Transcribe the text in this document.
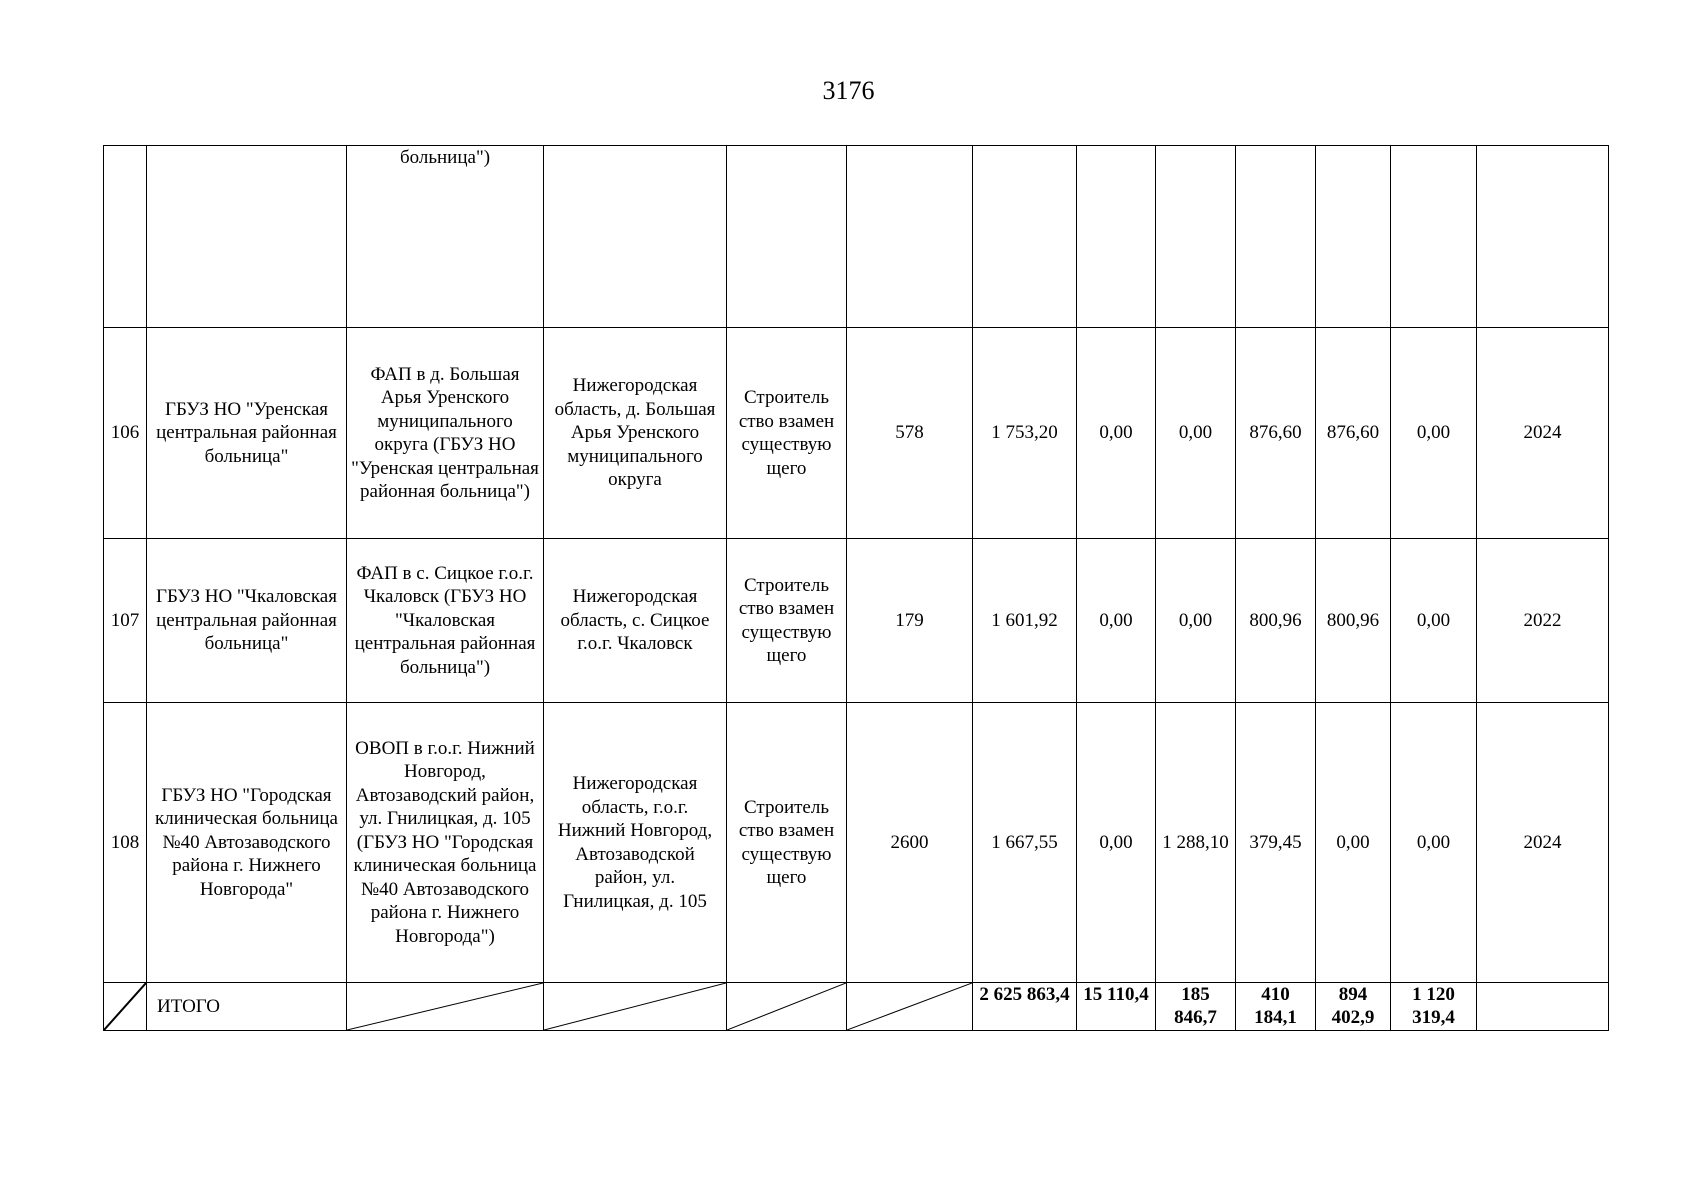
3176
		больница")										
106	ГБУЗ НО "Уренская центральная районная больница"	ФАП в д. Большая Арья Уренского муниципального округа (ГБУЗ НО "Уренская центральная районная больница")	Нижегородская область, д. Большая Арья Уренского муниципального округа	Строитель ство взамен существую щего	578	1 753,20	0,00	0,00	876,60	876,60	0,00	2024
107	ГБУЗ НО "Чкаловская центральная районная больница"	ФАП в с. Сицкое г.о.г. Чкаловск (ГБУЗ НО "Чкаловская центральная районная больница")	Нижегородская область, с. Сицкое г.о.г. Чкаловск	Строитель ство взамен существую щего	179	1 601,92	0,00	0,00	800,96	800,96	0,00	2022
108	ГБУЗ НО "Городская клиническая больница №40 Автозаводского района г. Нижнего Новгорода"	ОВОП в г.о.г. Нижний Новгород, Автозаводский район, ул. Гнилицкая, д. 105 (ГБУЗ НО "Городская клиническая больница №40 Автозаводского района г. Нижнего Новгорода")	Нижегородская область, г.о.г. Нижний Новгород, Автозаводской район, ул. Гнилицкая, д. 105	Строитель ство взамен существую щего	2600	1 667,55	0,00	1 288,10	379,45	0,00	0,00	2024

	ИТОГО					2 625 863,4	15 110,4	185 846,7	410 184,1	894 402,9	1 120 319,4	
